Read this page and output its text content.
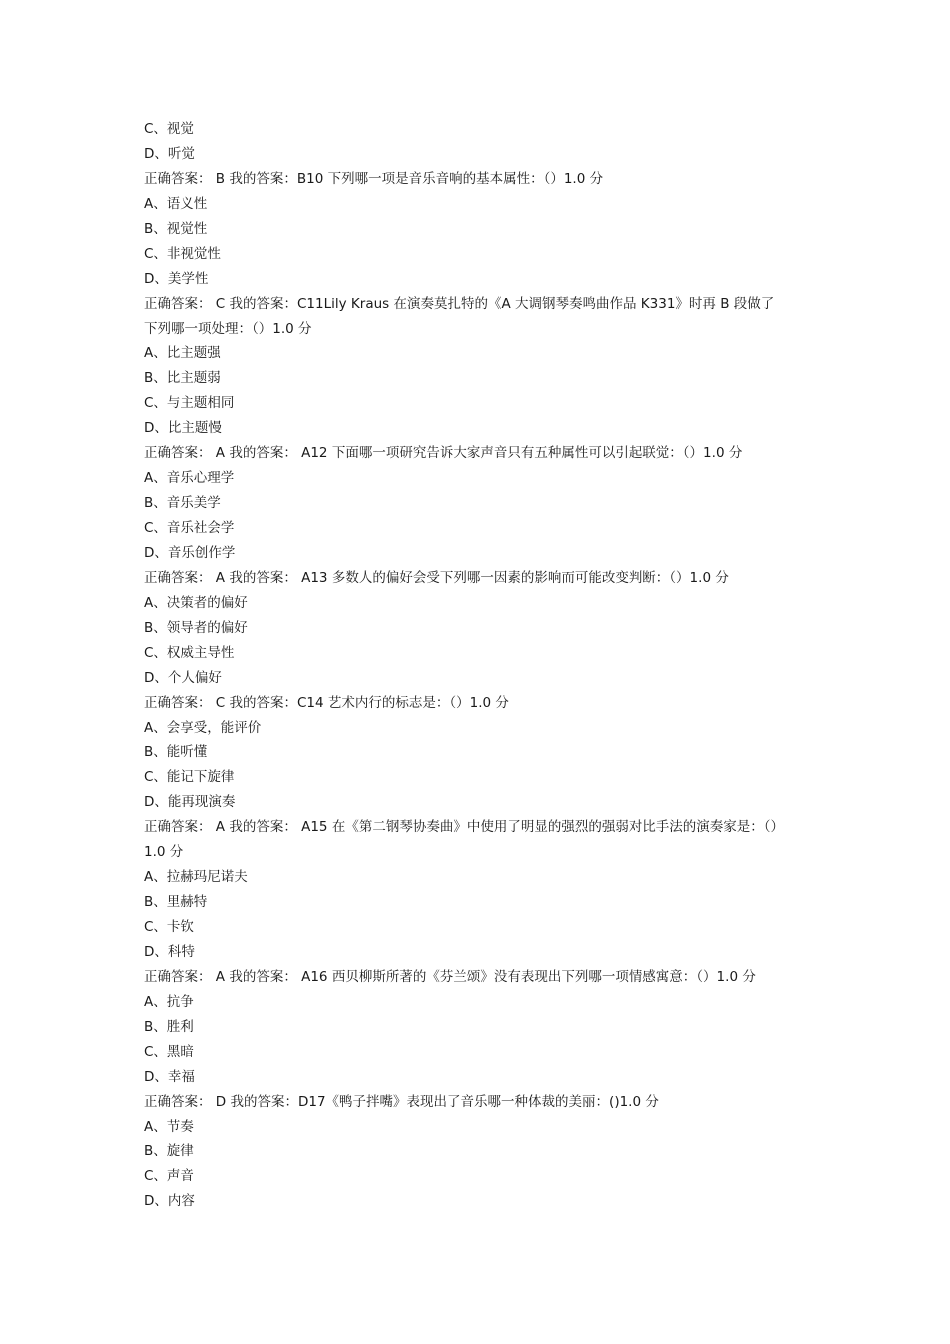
C、视觉
D、听觉
正确答案： B 我的答案：B10 下列哪一项是音乐音响的基本属性：（）1.0 分
A、语义性
B、视觉性
C、非视觉性
D、美学性
正确答案： C 我的答案：C11Lily Kraus 在演奏莫扎特的《A 大调钢琴奏鸣曲作品 K331》时再 B 段做了
下列哪一项处理：（）1.0 分
A、比主题强
B、比主题弱
C、与主题相同
D、比主题慢
正确答案： A 我的答案： A12 下面哪一项研究告诉大家声音只有五种属性可以引起联觉：（）1.0 分
A、音乐心理学
B、音乐美学
C、音乐社会学
D、音乐创作学
正确答案： A 我的答案： A13 多数人的偏好会受下列哪一因素的影响而可能改变判断：（）1.0 分
A、决策者的偏好
B、领导者的偏好
C、权威主导性
D、个人偏好
正确答案： C 我的答案：C14 艺术内行的标志是：（）1.0 分
A、会享受，能评价
B、能听懂
C、能记下旋律
D、能再现演奏
正确答案： A 我的答案： A15 在《第二钢琴协奏曲》中使用了明显的强烈的强弱对比手法的演奏家是：（）
1.0 分
A、拉赫玛尼诺夫
B、里赫特
C、卡钦
D、科特
正确答案： A 我的答案： A16 西贝柳斯所著的《芬兰颂》没有表现出下列哪一项情感寓意：（）1.0 分
A、抗争
B、胜利
C、黑暗
D、幸福
正确答案： D 我的答案：D17《鸭子拌嘴》表现出了音乐哪一种体裁的美丽：()1.0 分
A、节奏
B、旋律
C、声音
D、内容
